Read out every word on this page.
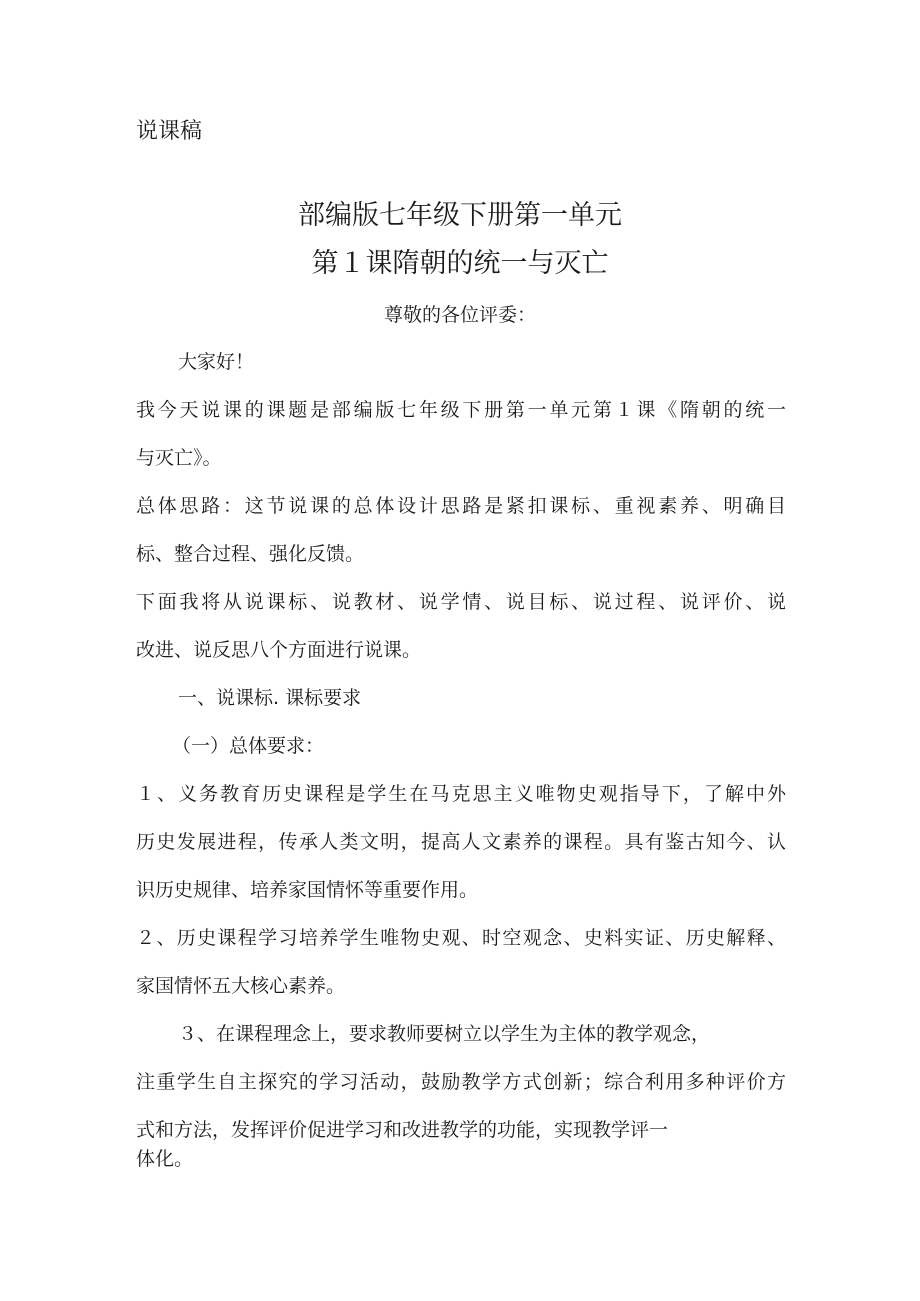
说课稿
部编版七年级下册第一单元
第１课隋朝的统一与灭亡
尊敬的各位评委：
大家好！
我今天说课的课题是部编版七年级下册第一单元第１课《隋朝的统一
与灭亡》。
总体思路：这节说课的总体设计思路是紧扣课标、重视素养、明确目
标、整合过程、强化反馈。
下面我将从说课标、说教材、说学情、说目标、说过程、说评价、说
改进、说反思八个方面进行说课。
一、说课标. 课标要求
（一）总体要求：
１、义务教育历史课程是学生在马克思主义唯物史观指导下，了解中外
历史发展进程，传承人类文明，提高人文素养的课程。具有鉴古知今、认
识历史规律、培养家国情怀等重要作用。
２、历史课程学习培养学生唯物史观、时空观念、史料实证、历史解释、
家国情怀五大核心素养。
３、在课程理念上，要求教师要树立以学生为主体的教学观念，
注重学生自主探究的学习活动，鼓励教学方式创新；综合利用多种评价方
式和方法，发挥评价促进学习和改进教学的功能，实现教学评一
体化。
